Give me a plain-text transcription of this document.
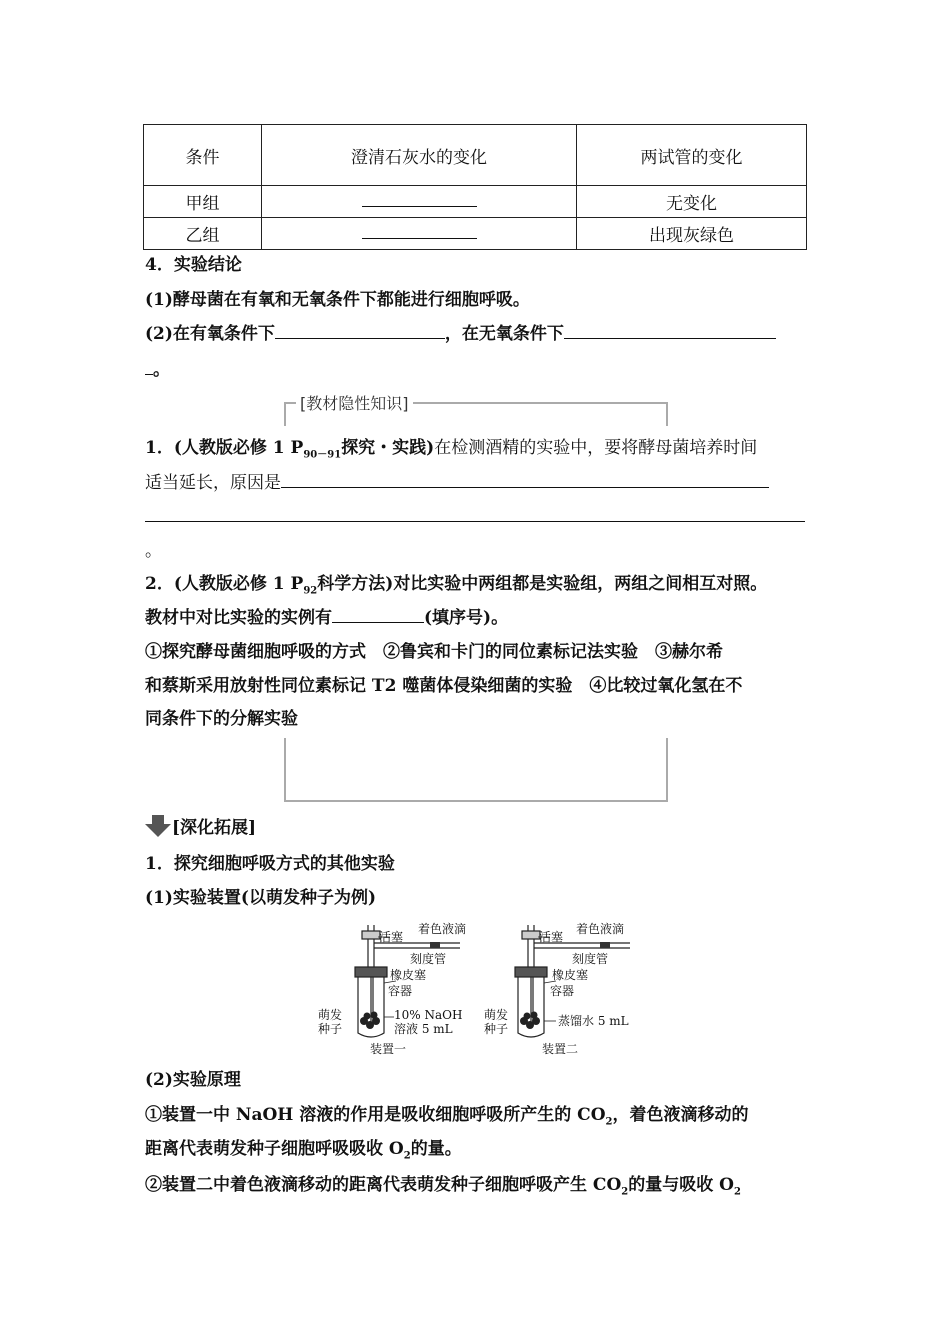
条件	澄清石灰水的变化	两试管的变化
甲组		无变化
乙组		出现灰绿色
4．实验结论
(1)酵母菌在有氧和无氧条件下都能进行细胞呼吸。
(2)在有氧条件下	，在无氧条件下
。
[教材隐性知识]
1．(人教版必修 1 $P_{90-91}$探究・实践)在检测酒精的实验中，要将酵母菌培养时间
适当延长，原因是
。
2．(人教版必修 1 $P_{92}$科学方法)对比实验中两组都是实验组，两组之间相互对照。
教材中对比实验的实例有	(填序号)。
①探究酵母菌细胞呼吸的方式　②鲁宾和卡门的同位素标记法实验　③赫尔希
和蔡斯采用放射性同位素标记 T2 噬菌体侵染细菌的实验　④比较过氧化氢在不
同条件下的分解实验
[深化拓展]
1．探究细胞呼吸方式的其他实验
(1)实验装置(以萌发种子为例)
活塞
着色液滴
刻度管
橡皮塞
容器
萌发
种子
10% NaOH
溶液 5 mL
装置一
活塞
着色液滴
刻度管
橡皮塞
容器
萌发
种子
蒸馏水 5 mL
装置二
(2)实验原理
①装置一中 NaOH 溶液的作用是吸收细胞呼吸所产生的 $CO_2$，着色液滴移动的
距离代表萌发种子细胞呼吸吸收 $O_2$的量。
②装置二中着色液滴移动的距离代表萌发种子细胞呼吸产生 $CO_2$的量与吸收 $O_2$
